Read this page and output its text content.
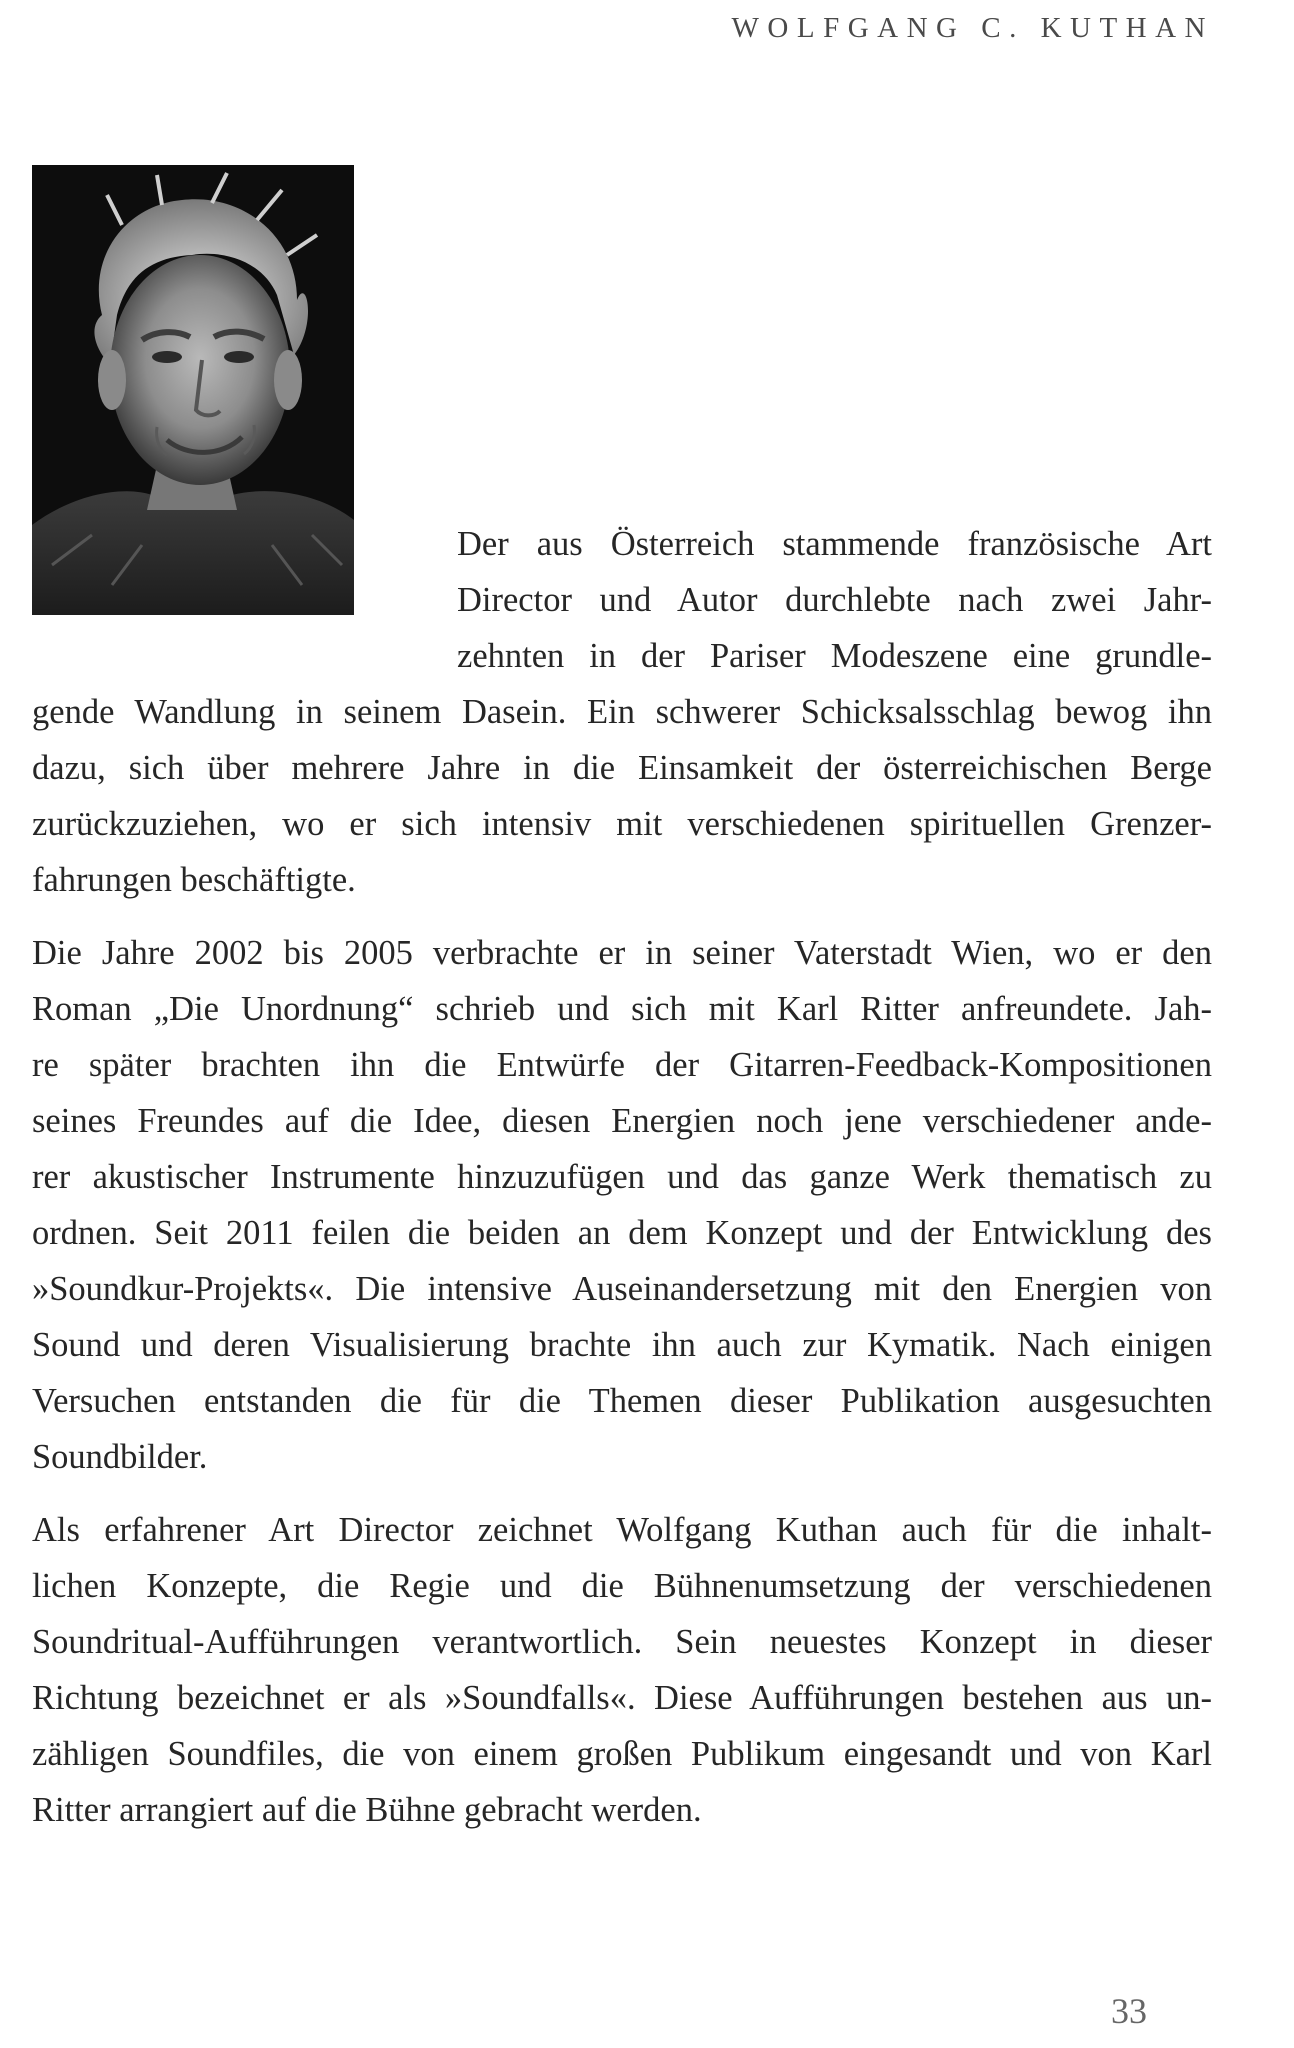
WOLFGANG C. KUTHAN

Der aus Österreich stammende französische Art
Director und Autor durchlebte nach zwei Jahr-
zehnten in der Pariser Modeszene eine grundle-
gende Wandlung in seinem Dasein. Ein schwerer Schicksalsschlag bewog ihn
dazu, sich über mehrere Jahre in die Einsamkeit der österreichischen Berge
zurückzuziehen, wo er sich intensiv mit verschiedenen spirituellen Grenzer-
fahrungen beschäftigte.

Die Jahre 2002 bis 2005 verbrachte er in seiner Vaterstadt Wien, wo er den
Roman „Die Unordnung“ schrieb und sich mit Karl Ritter anfreundete. Jah-
re später brachten ihn die Entwürfe der Gitarren-Feedback-Kompositionen
seines Freundes auf die Idee, diesen Energien noch jene verschiedener ande-
rer akustischer Instrumente hinzuzufügen und das ganze Werk thematisch zu
ordnen. Seit 2011 feilen die beiden an dem Konzept und der Entwicklung des
»Soundkur-Projekts«. Die intensive Auseinandersetzung mit den Energien von
Sound und deren Visualisierung brachte ihn auch zur Kymatik. Nach einigen
Versuchen entstanden die für die Themen dieser Publikation ausgesuchten
Soundbilder.

Als erfahrener Art Director zeichnet Wolfgang Kuthan auch für die inhalt-
lichen Konzepte, die Regie und die Bühnenumsetzung der verschiedenen
Soundritual-Aufführungen verantwortlich. Sein neuestes Konzept in dieser
Richtung bezeichnet er als »Soundfalls«. Diese Aufführungen bestehen aus un-
zähligen Soundfiles, die von einem großen Publikum eingesandt und von Karl
Ritter arrangiert auf die Bühne gebracht werden.

33
